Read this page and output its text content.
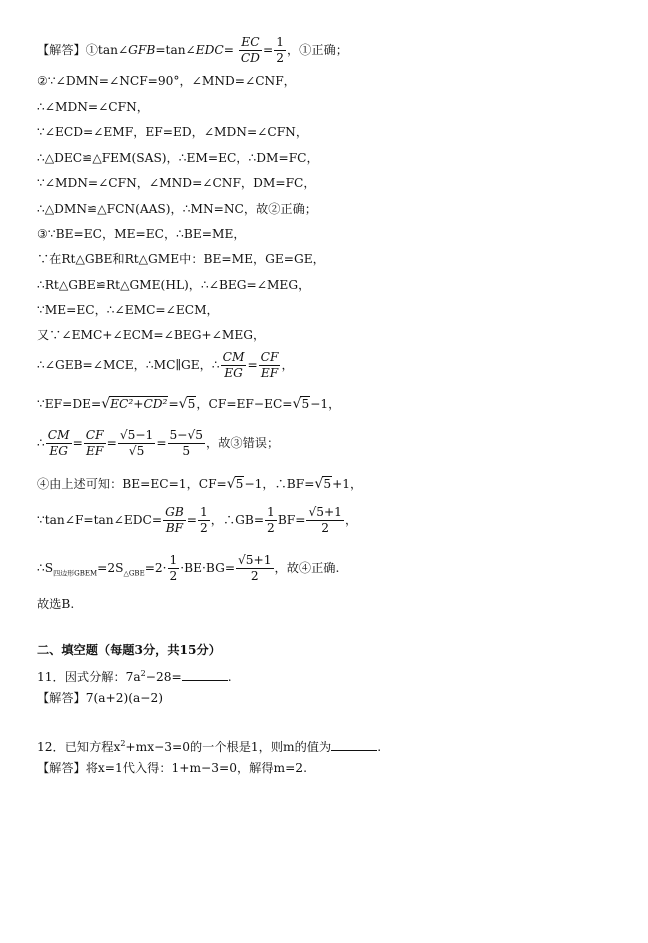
【解答】①tan∠GFB=tan∠EDC= $\frac{EC}{CD} = \frac{1}{2}$ ，①正确；
②∵∠DMN=∠NCF=90°，∠MND=∠CNF，
∴∠MDN=∠CFN，
∵∠ECD=∠EMF，EF=ED，∠MDN=∠CFN，
∴△DEC≌△FEM(SAS)，∴EM=EC，∴DM=FC，
∵∠MDN=∠CFN，∠MND=∠CNF，DM=FC，
∴△DMN≌△FCN(AAS)，∴MN=NC，故②正确；
③∵BE=EC，ME=EC，∴BE=ME，
∵在Rt△GBE和Rt△GME中：BE=ME，GE=GE，
∴Rt△GBE≌Rt△GME(HL)，∴∠BEG=∠MEG，
∵ME=EC，∴∠EMC=∠ECM，
又∵∠EMC+∠ECM=∠BEG+∠MEG，
∴∠GEB=∠MCE，∴MC∥GE，∴ $\frac{CM}{EG} = \frac{CF}{EF}$ ，
∵EF=DE=√EC²+CD²=√5，CF=EF−EC=√5−1，
∴ $\frac{CM}{EG} = \frac{CF}{EF} = \frac{√5-1}{√5} = \frac{5-√5}{5}$ ，故③错误；
④由上述可知：BE=EC=1，CF=√5−1，∴BF=√5+1，
∵tan∠F=tan∠EDC= $\frac{GB}{BF} = \frac{1}{2}$ ，∴GB= $\frac{1}{2} BF= \frac{√5+1}{2}$ ，
$\therefore S_{四边形GBEM}=2S_{\triangle GBE}=2\cdot \frac{1}{2} \cdot BE\cdot BG= \frac{√5+1}{2}$ ，故④正确.
故选B.
二、填空题（每题3分，共15分）
11．因式分解：$7a^2-28=$	.
【解答】7(a+2)(a−2)
12．已知方程$x^2+mx-3=0$的一个根是1，则m的值为	.
【解答】将x=1代入得：1+m−3=0，解得m=2.
